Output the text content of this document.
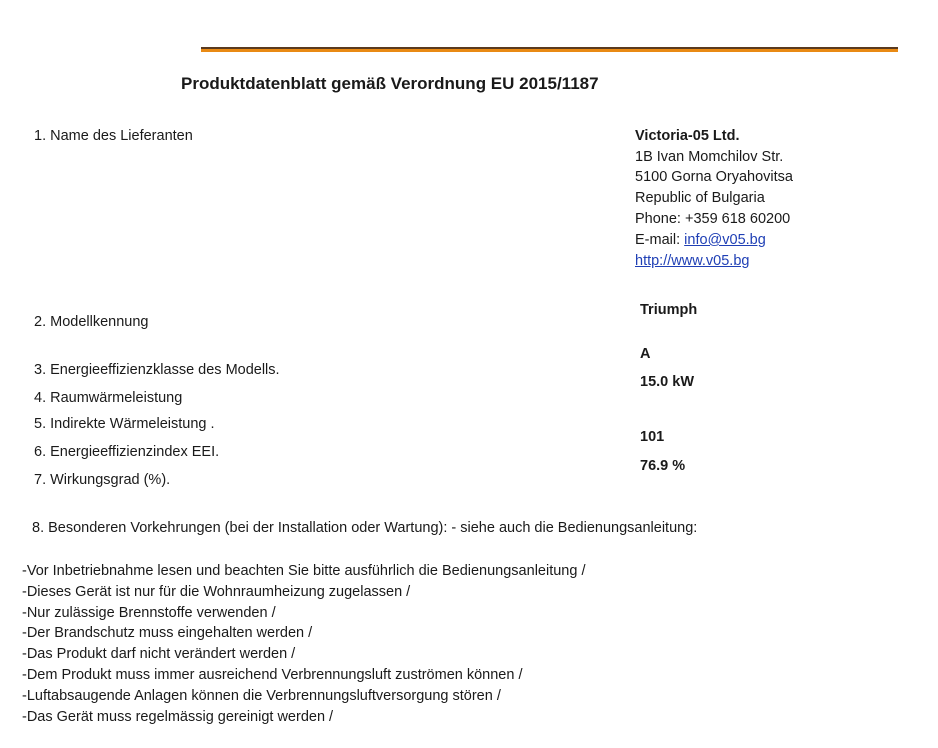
Produktdatenblatt gemäß Verordnung EU 2015/1187
1. Name des Lieferanten	Victoria-05 Ltd.
1B Ivan Momchilov Str.
5100 Gorna Oryahovitsa
Republic of Bulgaria
Phone: +359 618 60200
E-mail: info@v05.bg
http://www.v05.bg
2. Modellkennung
Triumph
A
3. Energieeffizienzklasse des Modells.
15.0 kW
4. Raumwärmeleistung
5. Indirekte Wärmeleistung .
101
6. Energieeffizienzindex EEI.
76.9 %
7. Wirkungsgrad (%).
8. Besonderen Vorkehrungen (bei der Installation oder Wartung): - siehe auch die Bedienungsanleitung:
-Vor Inbetriebnahme lesen und beachten Sie bitte ausführlich die Bedienungsanleitung /
-Dieses Gerät ist nur für die Wohnraumheizung zugelassen /
-Nur zulässige Brennstoffe verwenden /
-Der Brandschutz muss eingehalten werden /
-Das Produkt darf nicht verändert werden /
-Dem Produkt muss immer ausreichend Verbrennungsluft zuströmen können /
-Luftabsaugende Anlagen können die Verbrennungsluftversorgung stören /
-Das Gerät muss regelmässig gereinigt werden /
